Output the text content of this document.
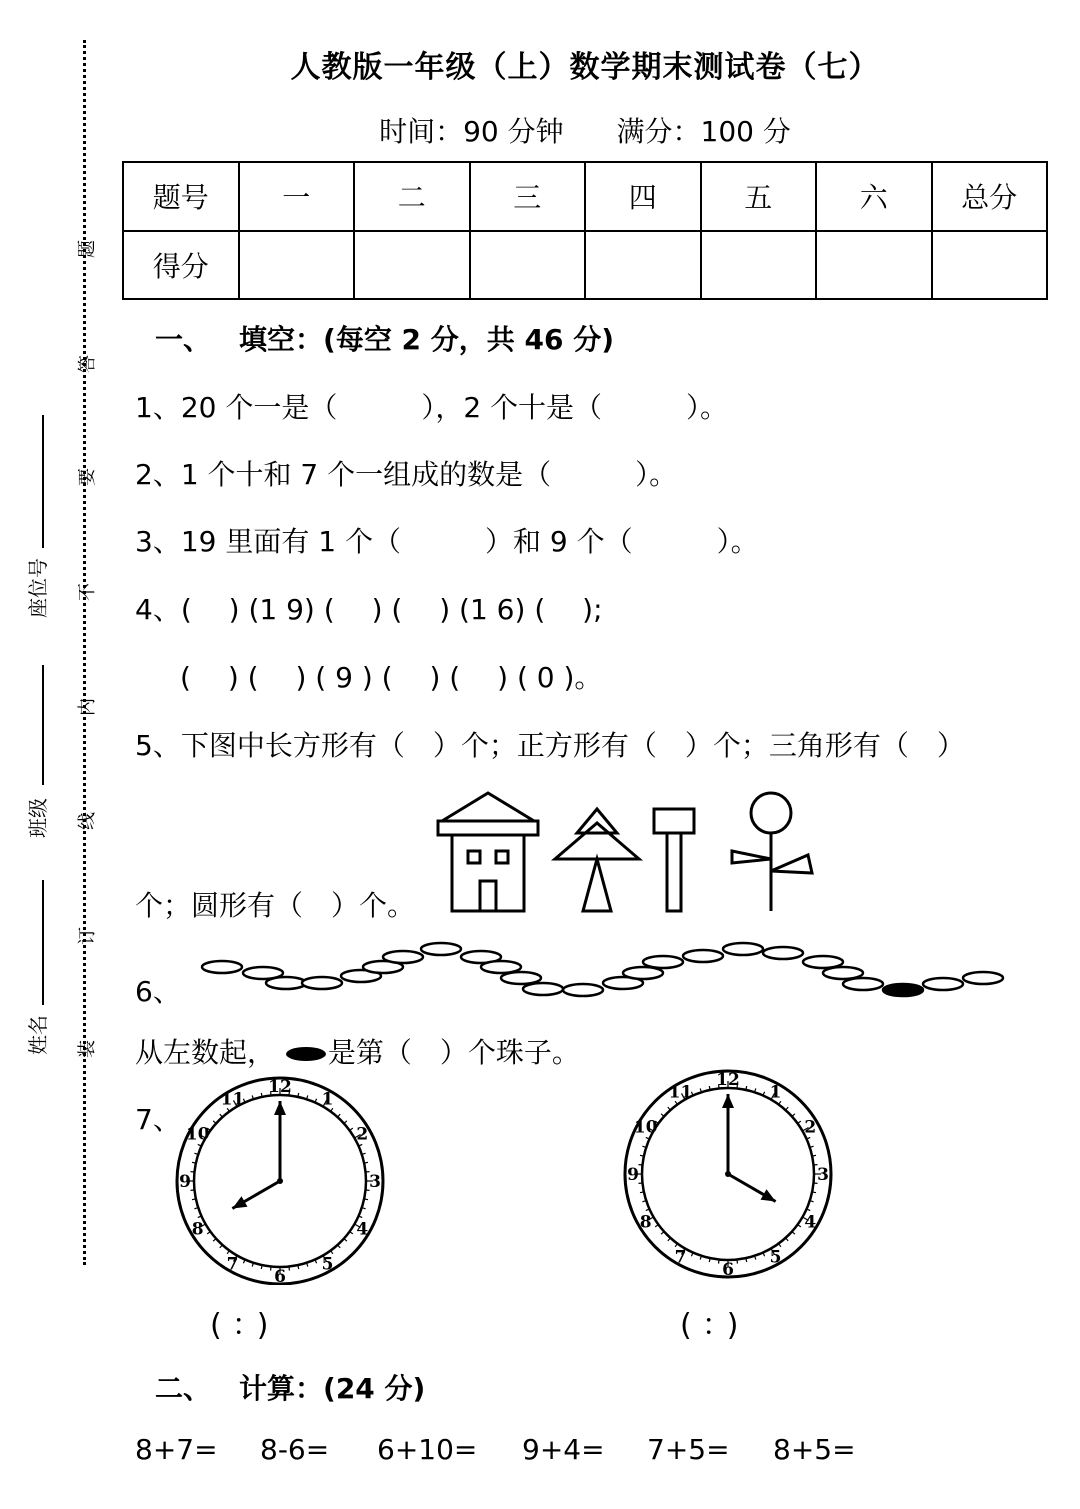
题
答
要
不
内
线
订
装
座位号
班级
姓名
人教版一年级（上）数学期末测试卷（七）
时间：90 分钟 满分：100 分
题号	一	二	三	四	五	六	总分
得分							
一、 填空：(每空 2 分，共 46 分)
1、20 个一是（　　　），2 个十是（　　　）。
2、1 个十和 7 个一组成的数是（　　　）。
3、19 里面有 1 个（　　　）和 9 个（　　　）。
4、(　 ) (1 9) (　 ) (　 ) (1 6) (　 );
(　 ) (　 ) ( 9 ) (　 ) (　 ) ( 0 )。
5、下图中长方形有（　）个；正方形有（　）个；三角形有（　）
个；圆形有（　）个。
6、
从左数起， 是第（　）个珠子。
7、
12
1
2
3
4
5
6
7
8
9
10
11
12
1
2
3
4
5
6
7
8
9
10
11
(：)	(：)
二、 计算：(24 分)
8+7= 8-6= 6+10= 9+4= 7+5= 8+5=
